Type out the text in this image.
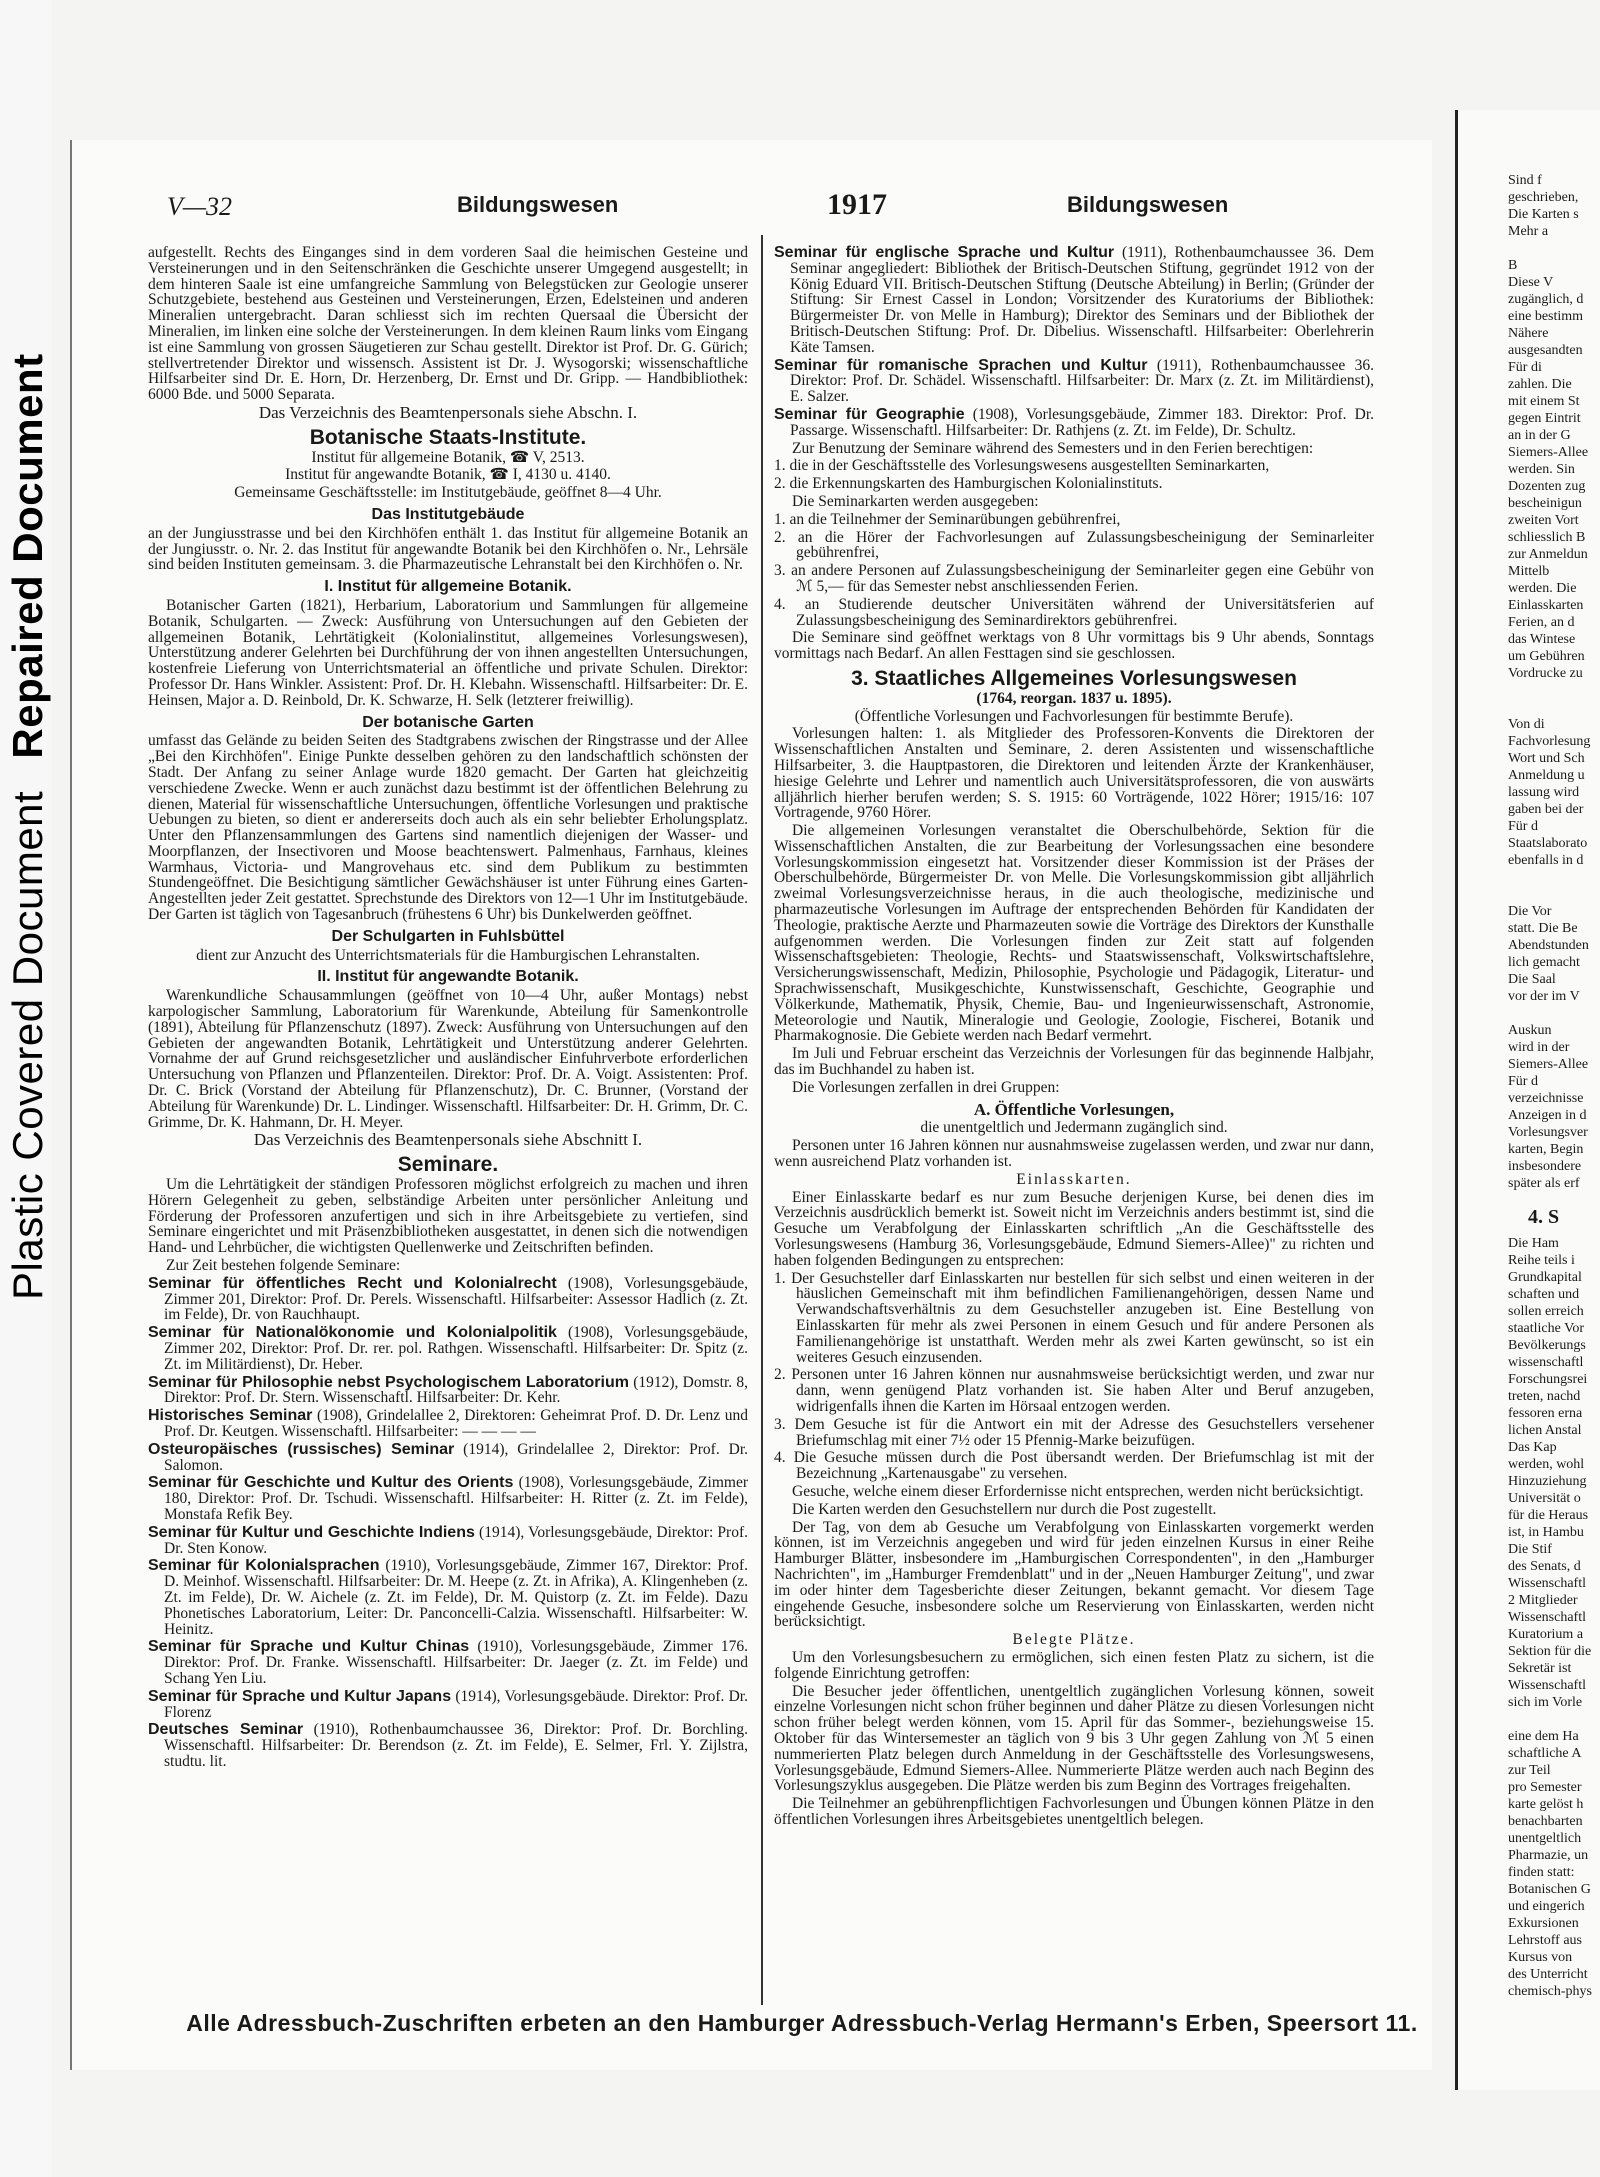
Plastic Covered Document Repaired Document
V—32	Bildungswesen	1917	Bildungswesen

aufgestellt. Rechts des Einganges sind in dem vorderen Saal die heimischen Gesteine und Versteinerungen und in den Seitenschränken die Geschichte unserer Umgegend ausgestellt; in dem hinteren Saale ist eine umfangreiche Sammlung von Belegstücken zur Geologie unserer Schutzgebiete, bestehend aus Gesteinen und Versteinerungen, Erzen, Edelsteinen und anderen Mineralien untergebracht. Daran schliesst sich im rechten Quersaal die Übersicht der Mineralien, im linken eine solche der Versteinerungen. In dem kleinen Raum links vom Eingang ist eine Sammlung von grossen Säugetieren zur Schau gestellt. Direktor ist Prof. Dr. G. Gürich; stellvertretender Direktor und wissensch. Assistent ist Dr. J. Wysogorski; wissenschaftliche Hilfsarbeiter sind Dr. E. Horn, Dr. Herzenberg, Dr. Ernst und Dr. Gripp. — Handbibliothek: 6000 Bde. und 5000 Separata.

Das Verzeichnis des Beamtenpersonals siehe Abschn. I.

Botanische Staats-Institute.

Institut für allgemeine Botanik, ☎ V, 2513.

Institut für angewandte Botanik, ☎ I, 4130 u. 4140.

Gemeinsame Geschäftsstelle: im Institutgebäude, geöffnet 8—4 Uhr.

Das Institutgebäude

an der Jungiusstrasse und bei den Kirchhöfen enthält 1. das Institut für allgemeine Botanik an der Jungiusstr. o. Nr. 2. das Institut für angewandte Botanik bei den Kirchhöfen o. Nr., Lehrsäle sind beiden Instituten gemeinsam. 3. die Pharmazeutische Lehranstalt bei den Kirchhöfen o. Nr.

I. Institut für allgemeine Botanik.

Botanischer Garten (1821), Herbarium, Laboratorium und Sammlungen für allgemeine Botanik, Schulgarten. — Zweck: Ausführung von Untersuchungen auf den Gebieten der allgemeinen Botanik, Lehrtätigkeit (Kolonialinstitut, allgemeines Vorlesungswesen), Unterstützung anderer Gelehrten bei Durchführung der von ihnen angestellten Untersuchungen, kostenfreie Lieferung von Unterrichtsmaterial an öffentliche und private Schulen. Direktor: Professor Dr. Hans Winkler. Assistent: Prof. Dr. H. Klebahn. Wissenschaftl. Hilfsarbeiter: Dr. E. Heinsen, Major a. D. Reinbold, Dr. K. Schwarze, H. Selk (letzterer freiwillig).

Der botanische Garten

umfasst das Gelände zu beiden Seiten des Stadtgrabens zwischen der Ringstrasse und der Allee „Bei den Kirchhöfen". Einige Punkte desselben gehören zu den landschaftlich schönsten der Stadt. Der Anfang zu seiner Anlage wurde 1820 gemacht. Der Garten hat gleichzeitig verschiedene Zwecke. Wenn er auch zunächst dazu bestimmt ist der öffentlichen Belehrung zu dienen, Material für wissenschaftliche Untersuchungen, öffentliche Vorlesungen und praktische Uebungen zu bieten, so dient er andererseits doch auch als ein sehr beliebter Erholungsplatz. Unter den Pflanzensammlungen des Gartens sind namentlich diejenigen der Wasser- und Moorpflanzen, der Insectivoren und Moose beachtenswert. Palmenhaus, Farnhaus, kleines Warmhaus, Victoria- und Mangrovehaus etc. sind dem Publikum zu bestimmten Stundengeöffnet. Die Besichtigung sämtlicher Gewächshäuser ist unter Führung eines Garten-Angestellten jeder Zeit gestattet. Sprechstunde des Direktors von 12—1 Uhr im Institutgebäude. Der Garten ist täglich von Tagesanbruch (frühestens 6 Uhr) bis Dunkelwerden geöffnet.

Der Schulgarten in Fuhlsbüttel

dient zur Anzucht des Unterrichtsmaterials für die Hamburgischen Lehranstalten.

II. Institut für angewandte Botanik.

Warenkundliche Schausammlungen (geöffnet von 10—4 Uhr, außer Montags) nebst karpologischer Sammlung, Laboratorium für Warenkunde, Abteilung für Samenkontrolle (1891), Abteilung für Pflanzenschutz (1897). Zweck: Ausführung von Untersuchungen auf den Gebieten der angewandten Botanik, Lehrtätigkeit und Unterstützung anderer Gelehrten. Vornahme der auf Grund reichsgesetzlicher und ausländischer Einfuhrverbote erforderlichen Untersuchung von Pflanzen und Pflanzenteilen. Direktor: Prof. Dr. A. Voigt. Assistenten: Prof. Dr. C. Brick (Vorstand der Abteilung für Pflanzenschutz), Dr. C. Brunner, (Vorstand der Abteilung für Warenkunde) Dr. L. Lindinger. Wissenschaftl. Hilfsarbeiter: Dr. H. Grimm, Dr. C. Grimme, Dr. K. Hahmann, Dr. H. Meyer.

Das Verzeichnis des Beamtenpersonals siehe Abschnitt I.

Seminare.

Um die Lehrtätigkeit der ständigen Professoren möglichst erfolgreich zu machen und ihren Hörern Gelegenheit zu geben, selbständige Arbeiten unter persönlicher Anleitung und Förderung der Professoren anzufertigen und sich in ihre Arbeitsgebiete zu vertiefen, sind Seminare eingerichtet und mit Präsenzbibliotheken ausgestattet, in denen sich die notwendigen Hand- und Lehrbücher, die wichtigsten Quellenwerke und Zeitschriften befinden.

Zur Zeit bestehen folgende Seminare:

Seminar für öffentliches Recht und Kolonialrecht (1908), Vorlesungsgebäude, Zimmer 201, Direktor: Prof. Dr. Perels. Wissenschaftl. Hilfsarbeiter: Assessor Hadlich (z. Zt. im Felde), Dr. von Rauchhaupt.

Seminar für Nationalökonomie und Kolonialpolitik (1908), Vorlesungsgebäude, Zimmer 202, Direktor: Prof. Dr. rer. pol. Rathgen. Wissenschaftl. Hilfsarbeiter: Dr. Spitz (z. Zt. im Militärdienst), Dr. Heber.

Seminar für Philosophie nebst Psychologischem Laboratorium (1912), Domstr. 8, Direktor: Prof. Dr. Stern. Wissenschaftl. Hilfsarbeiter: Dr. Kehr.

Historisches Seminar (1908), Grindelallee 2, Direktoren: Geheimrat Prof. D. Dr. Lenz und Prof. Dr. Keutgen. Wissenschaftl. Hilfsarbeiter: — — — —

Osteuropäisches (russisches) Seminar (1914), Grindelallee 2, Direktor: Prof. Dr. Salomon.

Seminar für Geschichte und Kultur des Orients (1908), Vorlesungsgebäude, Zimmer 180, Direktor: Prof. Dr. Tschudi. Wissenschaftl. Hilfsarbeiter: H. Ritter (z. Zt. im Felde), Monstafa Refik Bey.

Seminar für Kultur und Geschichte Indiens (1914), Vorlesungsgebäude, Direktor: Prof. Dr. Sten Konow.

Seminar für Kolonialsprachen (1910), Vorlesungsgebäude, Zimmer 167, Direktor: Prof. D. Meinhof. Wissenschaftl. Hilfsarbeiter: Dr. M. Heepe (z. Zt. in Afrika), A. Klingenheben (z. Zt. im Felde), Dr. W. Aichele (z. Zt. im Felde), Dr. M. Quistorp (z. Zt. im Felde). Dazu Phonetisches Laboratorium, Leiter: Dr. Panconcelli-Calzia. Wissenschaftl. Hilfsarbeiter: W. Heinitz.

Seminar für Sprache und Kultur Chinas (1910), Vorlesungsgebäude, Zimmer 176. Direktor: Prof. Dr. Franke. Wissenschaftl. Hilfsarbeiter: Dr. Jaeger (z. Zt. im Felde) und Schang Yen Liu.

Seminar für Sprache und Kultur Japans (1914), Vorlesungsgebäude. Direktor: Prof. Dr. Florenz

Deutsches Seminar (1910), Rothenbaumchaussee 36, Direktor: Prof. Dr. Borchling. Wissenschaftl. Hilfsarbeiter: Dr. Berendson (z. Zt. im Felde), E. Selmer, Frl. Y. Zijlstra, studtu. lit.

Seminar für englische Sprache und Kultur (1911), Rothenbaumchaussee 36. Dem Seminar angegliedert: Bibliothek der Britisch-Deutschen Stiftung, gegründet 1912 von der König Eduard VII. Britisch-Deutschen Stiftung (Deutsche Abteilung) in Berlin; (Gründer der Stiftung: Sir Ernest Cassel in London; Vorsitzender des Kuratoriums der Bibliothek: Bürgermeister Dr. von Melle in Hamburg); Direktor des Seminars und der Bibliothek der Britisch-Deutschen Stiftung: Prof. Dr. Dibelius. Wissenschaftl. Hilfsarbeiter: Oberlehrerin Käte Tamsen.

Seminar für romanische Sprachen und Kultur (1911), Rothenbaumchaussee 36. Direktor: Prof. Dr. Schädel. Wissenschaftl. Hilfsarbeiter: Dr. Marx (z. Zt. im Militärdienst), E. Salzer.

Seminar für Geographie (1908), Vorlesungsgebäude, Zimmer 183. Direktor: Prof. Dr. Passarge. Wissenschaftl. Hilfsarbeiter: Dr. Rathjens (z. Zt. im Felde), Dr. Schultz.

Zur Benutzung der Seminare während des Semesters und in den Ferien berechtigen:

1. die in der Geschäftsstelle des Vorlesungswesens ausgestellten Seminarkarten,

2. die Erkennungskarten des Hamburgischen Kolonialinstituts.

Die Seminarkarten werden ausgegeben:

1. an die Teilnehmer der Seminarübungen gebührenfrei,

2. an die Hörer der Fachvorlesungen auf Zulassungsbescheinigung der Seminarleiter gebührenfrei,

3. an andere Personen auf Zulassungsbescheinigung der Seminarleiter gegen eine Gebühr von ℳ 5,— für das Semester nebst anschliessenden Ferien.

4. an Studierende deutscher Universitäten während der Universitätsferien auf Zulassungsbescheinigung des Seminardirektors gebührenfrei.

Die Seminare sind geöffnet werktags von 8 Uhr vormittags bis 9 Uhr abends, Sonntags vormittags nach Bedarf. An allen Festtagen sind sie geschlossen.

3. Staatliches Allgemeines Vorlesungswesen

(1764, reorgan. 1837 u. 1895).

(Öffentliche Vorlesungen und Fachvorlesungen für bestimmte Berufe).

Vorlesungen halten: 1. als Mitglieder des Professoren-Konvents die Direktoren der Wissenschaftlichen Anstalten und Seminare, 2. deren Assistenten und wissenschaftliche Hilfsarbeiter, 3. die Hauptpastoren, die Direktoren und leitenden Ärzte der Krankenhäuser, hiesige Gelehrte und Lehrer und namentlich auch Universitätsprofessoren, die von auswärts alljährlich hierher berufen werden; S. S. 1915: 60 Vorträgende, 1022 Hörer; 1915/16: 107 Vortragende, 9760 Hörer.

Die allgemeinen Vorlesungen veranstaltet die Oberschulbehörde, Sektion für die Wissenschaftlichen Anstalten, die zur Bearbeitung der Vorlesungssachen eine besondere Vorlesungskommission eingesetzt hat. Vorsitzender dieser Kommission ist der Präses der Oberschulbehörde, Bürgermeister Dr. von Melle. Die Vorlesungskommission gibt alljährlich zweimal Vorlesungsverzeichnisse heraus, in die auch theologische, medizinische und pharmazeutische Vorlesungen im Auftrage der entsprechenden Behörden für Kandidaten der Theologie, praktische Aerzte und Pharmazeuten sowie die Vorträge des Direktors der Kunsthalle aufgenommen werden. Die Vorlesungen finden zur Zeit statt auf folgenden Wissenschaftsgebieten: Theologie, Rechts- und Staatswissenschaft, Volkswirtschaftslehre, Versicherungswissenschaft, Medizin, Philosophie, Psychologie und Pädagogik, Literatur- und Sprachwissenschaft, Musikgeschichte, Kunstwissenschaft, Geschichte, Geographie und Völkerkunde, Mathematik, Physik, Chemie, Bau- und Ingenieurwissenschaft, Astronomie, Meteorologie und Nautik, Mineralogie und Geologie, Zoologie, Fischerei, Botanik und Pharmakognosie. Die Gebiete werden nach Bedarf vermehrt.

Im Juli und Februar erscheint das Verzeichnis der Vorlesungen für das beginnende Halbjahr, das im Buchhandel zu haben ist.

Die Vorlesungen zerfallen in drei Gruppen:

A. Öffentliche Vorlesungen,

die unentgeltlich und Jedermann zugänglich sind.

Personen unter 16 Jahren können nur ausnahmsweise zugelassen werden, und zwar nur dann, wenn ausreichend Platz vorhanden ist.

Einlasskarten.

Einer Einlasskarte bedarf es nur zum Besuche derjenigen Kurse, bei denen dies im Verzeichnis ausdrücklich bemerkt ist. Soweit nicht im Verzeichnis anders bestimmt ist, sind die Gesuche um Verabfolgung der Einlasskarten schriftlich „An die Geschäftsstelle des Vorlesungswesens (Hamburg 36, Vorlesungsgebäude, Edmund Siemers-Allee)" zu richten und haben folgenden Bedingungen zu entsprechen:

1. Der Gesuchsteller darf Einlasskarten nur bestellen für sich selbst und einen weiteren in der häuslichen Gemeinschaft mit ihm befindlichen Familienangehörigen, dessen Name und Verwandschaftsverhältnis zu dem Gesuchsteller anzugeben ist. Eine Bestellung von Einlasskarten für mehr als zwei Personen in einem Gesuch und für andere Personen als Familienangehörige ist unstatthaft. Werden mehr als zwei Karten gewünscht, so ist ein weiteres Gesuch einzusenden.

2. Personen unter 16 Jahren können nur ausnahmsweise berücksichtigt werden, und zwar nur dann, wenn genügend Platz vorhanden ist. Sie haben Alter und Beruf anzugeben, widrigenfalls ihnen die Karten im Hörsaal entzogen werden.

3. Dem Gesuche ist für die Antwort ein mit der Adresse des Gesuchstellers versehener Briefumschlag mit einer 7½ oder 15 Pfennig-Marke beizufügen.

4. Die Gesuche müssen durch die Post übersandt werden. Der Briefumschlag ist mit der Bezeichnung „Kartenausgabe" zu versehen.

Gesuche, welche einem dieser Erfordernisse nicht entsprechen, werden nicht berücksichtigt.

Die Karten werden den Gesuchstellern nur durch die Post zugestellt.

Der Tag, von dem ab Gesuche um Verabfolgung von Einlasskarten vorgemerkt werden können, ist im Verzeichnis angegeben und wird für jeden einzelnen Kursus in einer Reihe Hamburger Blätter, insbesondere im „Hamburgischen Correspondenten", in den „Hamburger Nachrichten", im „Hamburger Fremdenblatt" und in der „Neuen Hamburger Zeitung", und zwar im oder hinter dem Tagesberichte dieser Zeitungen, bekannt gemacht. Vor diesem Tage eingehende Gesuche, insbesondere solche um Reservierung von Einlasskarten, werden nicht berücksichtigt.

Belegte Plätze.

Um den Vorlesungsbesuchern zu ermöglichen, sich einen festen Platz zu sichern, ist die folgende Einrichtung getroffen:

Die Besucher jeder öffentlichen, unentgeltlich zugänglichen Vorlesung können, soweit einzelne Vorlesungen nicht schon früher beginnen und daher Plätze zu diesen Vorlesungen nicht schon früher belegt werden können, vom 15. April für das Sommer-, beziehungsweise 15. Oktober für das Wintersemester an täglich von 9 bis 3 Uhr gegen Zahlung von ℳ 5 einen nummerierten Platz belegen durch Anmeldung in der Geschäftsstelle des Vorlesungswesens, Vorlesungsgebäude, Edmund Siemers-Allee. Nummerierte Plätze werden auch nach Beginn des Vorlesungszyklus ausgegeben. Die Plätze werden bis zum Beginn des Vortrages freigehalten.

Die Teilnehmer an gebührenpflichtigen Fachvorlesungen und Übungen können Plätze in den öffentlichen Vorlesungen ihres Arbeitsgebietes unentgeltlich belegen.

Alle Adressbuch-Zuschriften erbeten an den Hamburger Adressbuch-Verlag Hermann's Erben, Speersort 11.
Sind f
geschrieben,
Die Karten s
Mehr a

B
Diese V
zugänglich, d
eine bestimm
Nähere
ausgesandten
Für di
zahlen. Die
mit einem St
gegen Eintrit
an in der G
Siemers-Allee
werden. Sin
Dozenten zug
bescheinigun
zweiten Vort
schliesslich B
zur Anmeldun
Mittelb
werden. Die
Einlasskarten
Ferien, an d
das Wintese
um Gebühren
Vordrucke zu

Von di
Fachvorlesung
Wort und Sch
Anmeldung u
lassung wird
gaben bei der
Für d
Staatslaborato
ebenfalls in d

Die Vor
statt. Die Be
Abendstunden
lich gemacht
Die Saal
vor der im V

Auskun
wird in der
Siemers-Allee
Für d
verzeichnisse
Anzeigen in d
Vorlesungsver
karten, Begin
insbesondere
später als erf
4. S
Die Ham
Reihe teils i
Grundkapital
schaften und
sollen erreich
staatliche Vor
Bevölkerungs
wissenschaftl
Forschungsrei
treten, nachd
fessoren erna
lichen Anstal
Das Kap
werden, wohl
Hinzuziehung
Universität o
für die Heraus
ist, in Hambu
Die Stif
des Senats, d
Wissenschaftl
2 Mitglieder
Wissenschaftl
Kuratorium a
Sektion für die
Sekretär ist
Wissenschaftl
sich im Vorle

eine dem Ha
schaftliche A
zur Teil
pro Semester
karte gelöst h
benachbarten
unentgeltlich
Pharmazie, un
finden statt:
Botanischen G
und eingerich
Exkursionen
Lehrstoff aus
Kursus von
des Unterricht
chemisch-phys
